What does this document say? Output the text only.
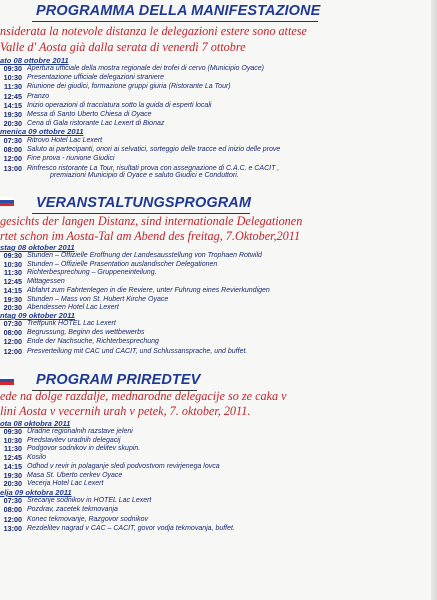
PROGRAMMA DELLA MANIFESTAZIONE

nsiderata la notevole distanza le delegazioni estere sono attese

Valle d' Aosta già dalla serata di venerdì 7 ottobre

ato 08 ottobre 2011

09:30 Apertura ufficiale della mostra regionale dei trofei di cervo (Municipio Oyace)
10:30 Presentazione ufficiale delegazioni straniere
11:30 Riunione dei giudici, formazione gruppi giuria (Ristorante La Tour)
12:45 Pranzo
14:15 Inizio operazioni di tracciatura sotto la guida di esperti locali
19:30 Messa di Santo Uberto Chiesa di Oyace
20:30 Cena di Gala ristorante Lac Lexert di Bionaz

menica 09 ottobre 2011

07:30 Ritrovo Hotel Lac Lexert
08:00 Saluto ai partecipanti, onori ai selvatici, sorteggio delle tracce ed inizio delle prove
12:00 Fine prova - riunione Giudici
13:00 Rinfresco ristorante La Tour, risultati prova con assegnazione di C.A.C. e CACIT ,
premiazioni Municipio di Oyace e saluto Giudici e Conduttori.
VERANSTALTUNGSPROGRAM

gesichts der langen Distanz, sind internationale Delegationen

rtet schon im Aosta-Tal am Abend des freitag, 7.Oktober,2011

stag 08 oktober 2011

09:30 Stunden – Offizielle Eroffnung der Landesausstellung von Trophaen Rotwild
10:30 Stunden – Offizielle Prasentation auslandischer Delegationen
11:30 Richterbesprechung – Gruppeneinteilung.
12:45 Mittagessen
14:15 Abfahrt zum Fahrtenlegen in die Reviere, unter Fuhrung eines Revierkundigen
19:30 Stunden – Mass von St. Hubert Kirche Oyace
20:30 Abendessen Hotel Lac Lexert

ntag 09 oktober 2011

07:30 Treffpunk HOTEL Lac Lexert
08:00 Begrussung, Beginn des wettbewerbs
12:00 Ende der Nachsuche, Richterbesprechung
12:00 Presverteilung mit CAC und CACIT, und Schlussansprache, und buffet.
PROGRAM PRIREDTEV

ede na dolge razdalje, mednarodne delegacije so ze caka v

lini Aosta v vecernih urah v petek, 7. oktober, 2011.

ota 08 oktobra 2011

09:30 Uradne regionalnih razstave jeleni
10:30 Predstavitev uradnih delegacij
11:30 Podgovor sodnikov in delitev skupin.
12:45 Kosilo
14:15 Odhod v revir in polaganje sledi podvostvom revirjenega lovca
19:30 Masa St. Uberto cerkev Oyace
20:30 Vecerja Hotel Lac Lexert

elja 09 oktobra 2011

07:30 Srecanje sodnikov in HOTEL Lac Lexert
08:00 Pozdrav, zacetek tekmovanja
12:00 Konec tekmovanje, Razgovor sodnikov
13:00 Rezdelitev nagrad v CAC – CACIT, govor vodja tekmovanja, buffet.
